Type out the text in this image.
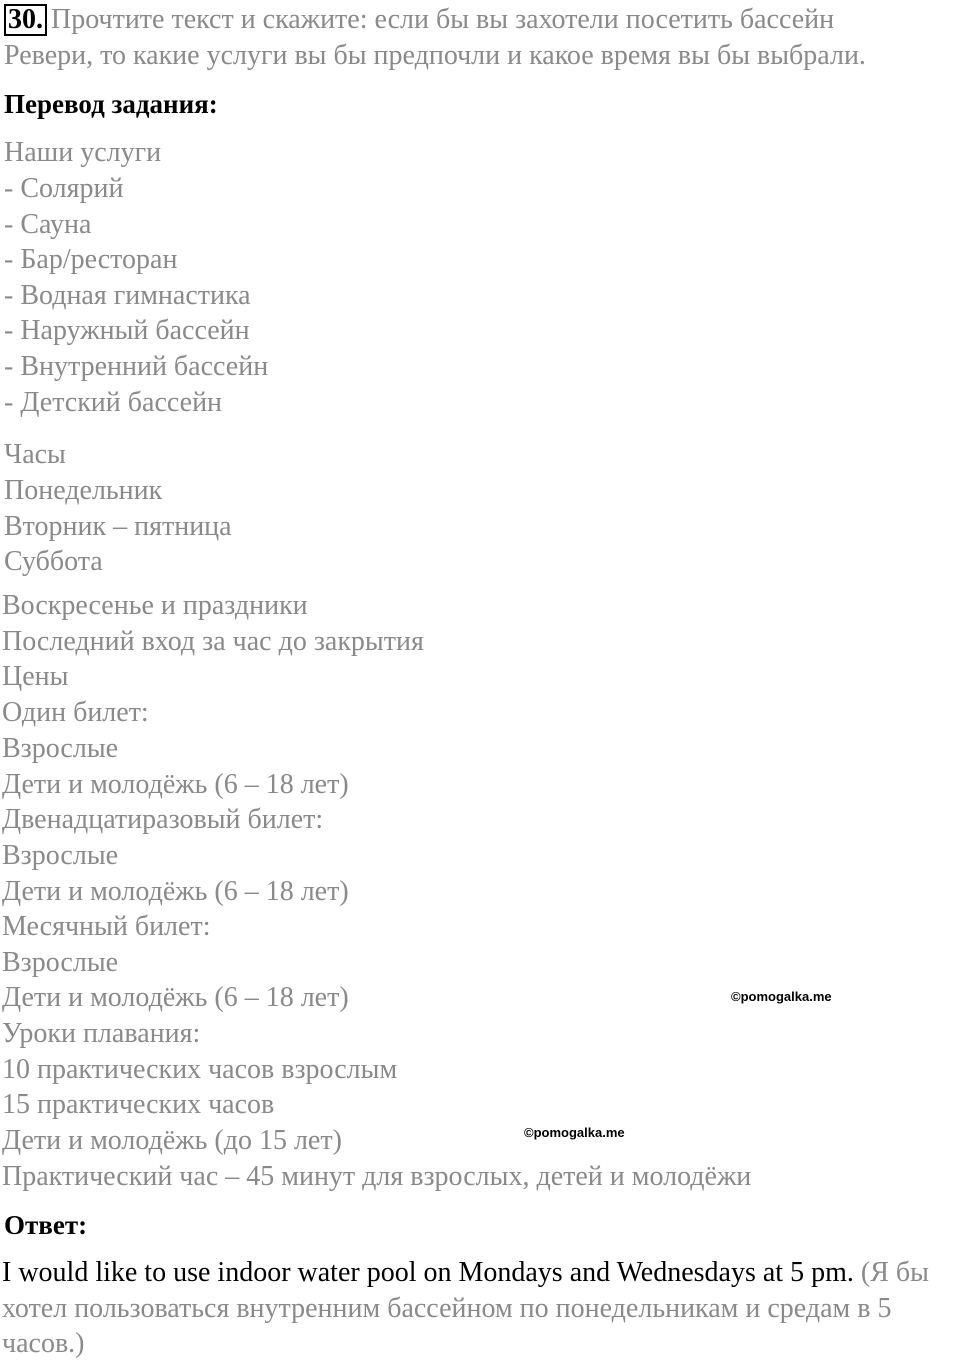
30. Прочтите текст и скажите: если бы вы захотели посетить бассейн
Ревери, то какие услуги вы бы предпочли и какое время вы бы выбрали.
Перевод задания:
Наши услуги
- Солярий
- Сауна
- Бар/ресторан
- Водная гимнастика
- Наружный бассейн
- Внутренний бассейн
- Детский бассейн
Часы
Понедельник
Вторник – пятница
Суббота
Воскресенье и праздники
Последний вход за час до закрытия
Цены
Один билет:
Взрослые
Дети и молодёжь (6 – 18 лет)
Двенадцатиразовый билет:
Взрослые
Дети и молодёжь (6 – 18 лет)
Месячный билет:
Взрослые
Дети и молодёжь (6 – 18 лет)
Уроки плавания:
10 практических часов взрослым
15 практических часов
Дети и молодёжь (до 15 лет)
Практический час – 45 минут для взрослых, детей и молодёжи
©pomogalka.me
©pomogalka.me
Ответ:
I would like to use indoor water pool on Mondays and Wednesdays at 5 pm. (Я бы
хотел пользоваться внутренним бассейном по понедельникам и средам в 5
часов.)
